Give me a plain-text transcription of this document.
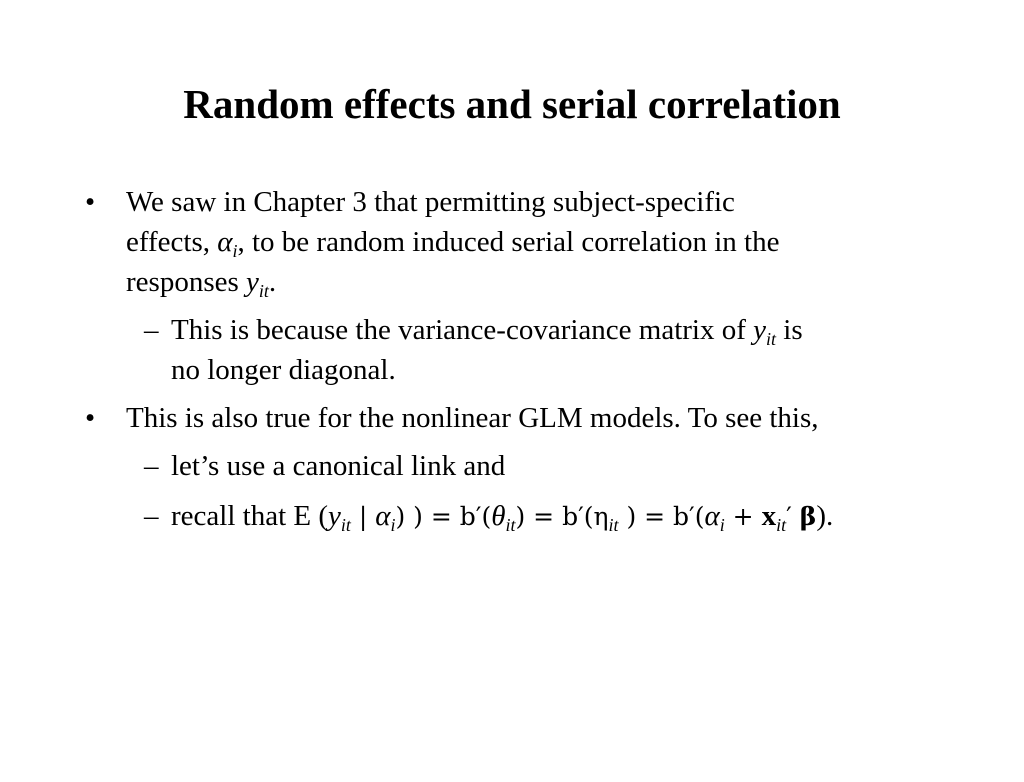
Random effects and serial correlation
• We saw in Chapter 3 that permitting subject-specific
effects, $\alpha_i$, to be random induced serial correlation in the
responses $y_{it}$.
– This is because the variance-covariance matrix of $y_{it}$ is
no longer diagonal.
• This is also true for the nonlinear GLM models. To see this,
– let’s use a canonical link and
– recall that E ($y_{it}$ | $\alpha_i$) ) = $b'(\theta_{it}) = b'(\eta_{it}$ ) = $b'(\alpha_i + x_{it}'$ β).
